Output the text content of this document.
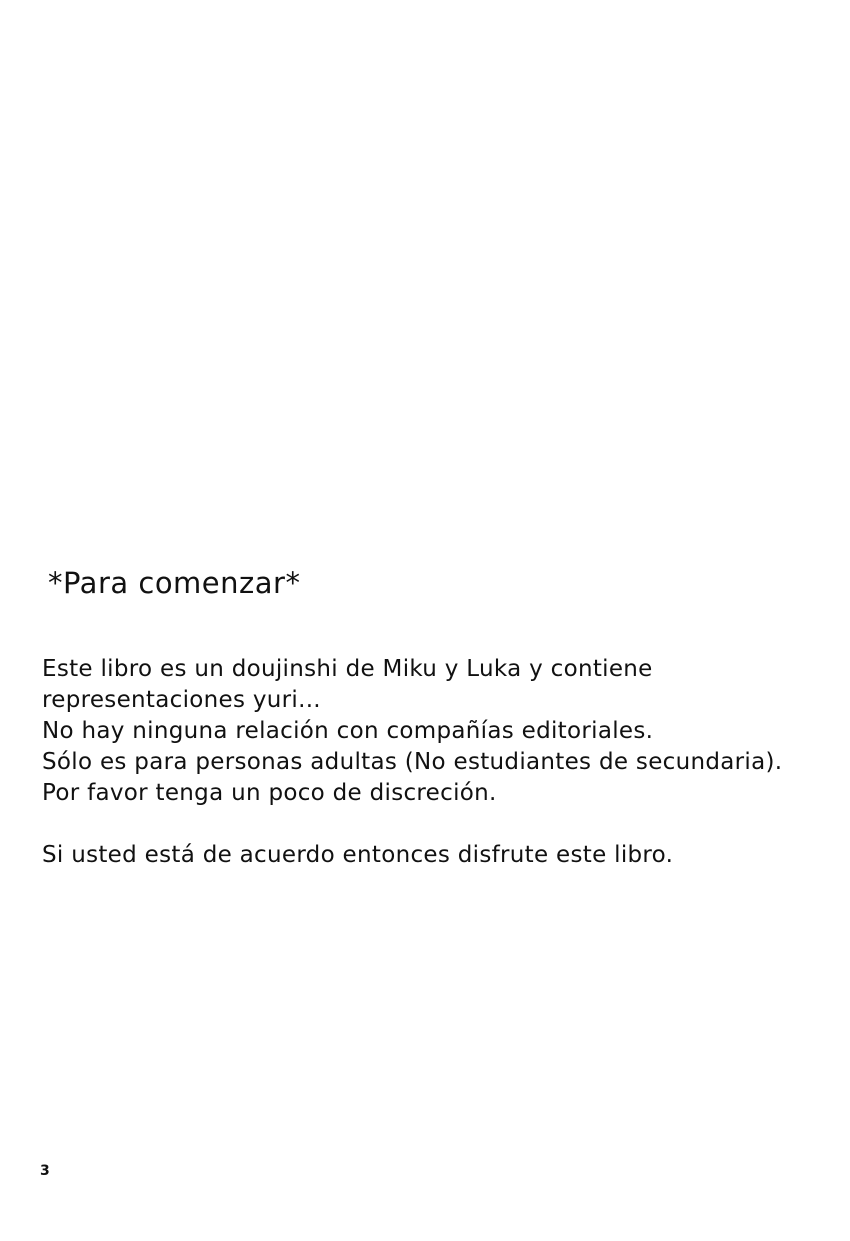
*Para comenzar*
Este libro es un doujinshi de Miku y Luka y contiene
representaciones yuri...
No hay ninguna relación con compañías editoriales.
Sólo es para personas adultas (No estudiantes de secundaria).
Por favor tenga un poco de discreción.
Si usted está de acuerdo entonces disfrute este libro.
3
